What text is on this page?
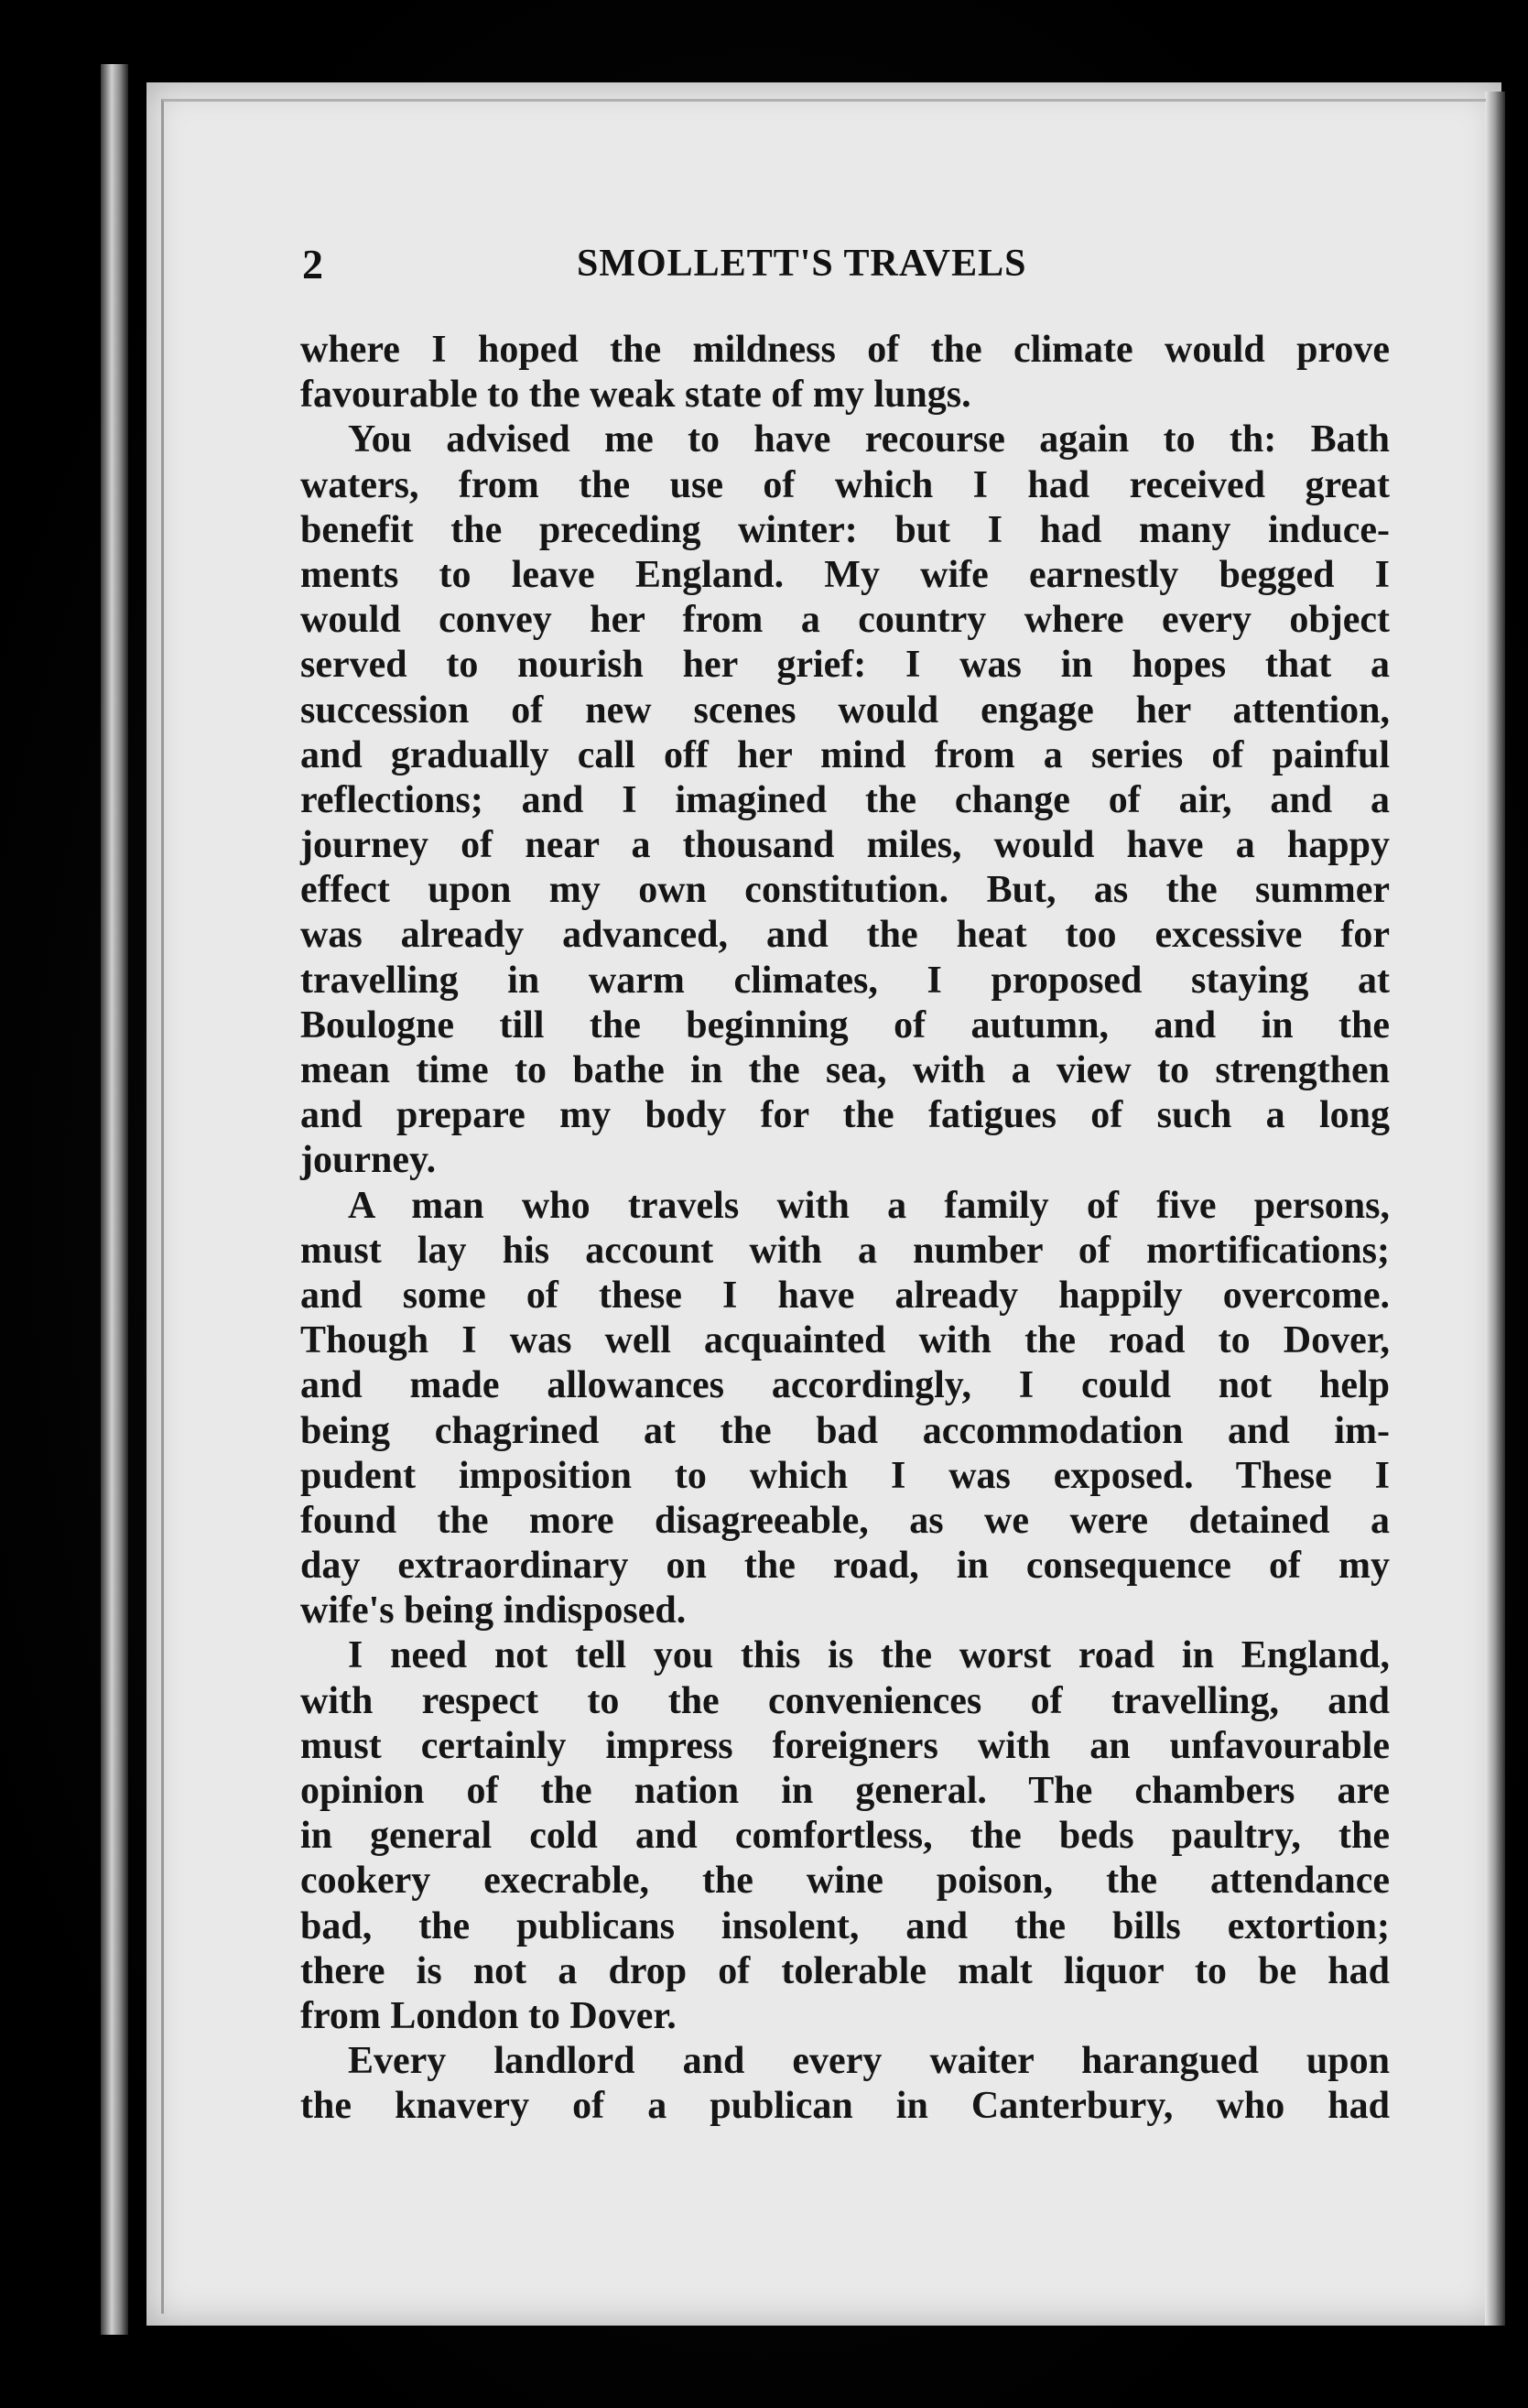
2	SMOLLETT'S TRAVELS
where I hoped the mildness of the climate would prove
favourable to the weak state of my lungs.
You advised me to have recourse again to th: Bath
waters, from the use of which I had received great
benefit the preceding winter: but I had many induce-
ments to leave England. My wife earnestly begged I
would convey her from a country where every object
served to nourish her grief: I was in hopes that a
succession of new scenes would engage her attention,
and gradually call off her mind from a series of painful
reflections; and I imagined the change of air, and a
journey of near a thousand miles, would have a happy
effect upon my own constitution. But, as the summer
was already advanced, and the heat too excessive for
travelling in warm climates, I proposed staying at
Boulogne till the beginning of autumn, and in the
mean time to bathe in the sea, with a view to strengthen
and prepare my body for the fatigues of such a long
journey.
A man who travels with a family of five persons,
must lay his account with a number of mortifications;
and some of these I have already happily overcome.
Though I was well acquainted with the road to Dover,
and made allowances accordingly, I could not help
being chagrined at the bad accommodation and im-
pudent imposition to which I was exposed. These I
found the more disagreeable, as we were detained a
day extraordinary on the road, in consequence of my
wife's being indisposed.
I need not tell you this is the worst road in England,
with respect to the conveniences of travelling, and
must certainly impress foreigners with an unfavourable
opinion of the nation in general. The chambers are
in general cold and comfortless, the beds paultry, the
cookery execrable, the wine poison, the attendance
bad, the publicans insolent, and the bills extortion;
there is not a drop of tolerable malt liquor to be had
from London to Dover.
Every landlord and every waiter harangued upon
the knavery of a publican in Canterbury, who had
